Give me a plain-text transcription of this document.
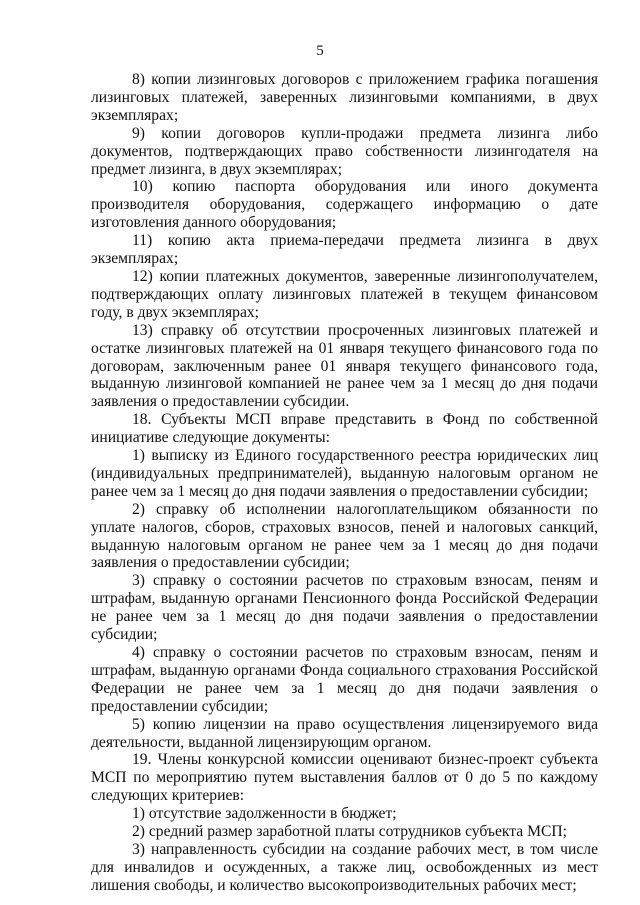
5

8) копии лизинговых договоров с приложением графика погашения лизинговых платежей, заверенных лизинговыми компаниями, в двух экземплярах;

9) копии договоров купли-продажи предмета лизинга либо документов, подтверждающих право собственности лизингодателя на предмет лизинга, в двух экземплярах;

10) копию паспорта оборудования или иного документа производителя оборудования, содержащего информацию о дате изготовления данного оборудования;

11) копию акта приема-передачи предмета лизинга в двух экземплярах;

12) копии платежных документов, заверенные лизингополучателем, подтверждающих оплату лизинговых платежей в текущем финансовом году, в двух экземплярах;

13) справку об отсутствии просроченных лизинговых платежей и остатке лизинговых платежей на 01 января текущего финансового года по договорам, заключенным ранее 01 января текущего финансового года, выданную лизинговой компанией не ранее чем за 1 месяц до дня подачи заявления о предоставлении субсидии.

18. Субъекты МСП вправе представить в Фонд по собственной инициативе следующие документы:

1) выписку из Единого государственного реестра юридических лиц (индивидуальных предпринимателей), выданную налоговым органом не ранее чем за 1 месяц до дня подачи заявления о предоставлении субсидии;

2) справку об исполнении налогоплательщиком обязанности по уплате налогов, сборов, страховых взносов, пеней и налоговых санкций, выданную налоговым органом не ранее чем за 1 месяц до дня подачи заявления о предоставлении субсидии;

3) справку о состоянии расчетов по страховым взносам, пеням и штрафам, выданную органами Пенсионного фонда Российской Федерации не ранее чем за 1 месяц до дня подачи заявления о предоставлении субсидии;

4) справку о состоянии расчетов по страховым взносам, пеням и штрафам, выданную органами Фонда социального страхования Российской Федерации не ранее чем за 1 месяц до дня подачи заявления о предоставлении субсидии;

5) копию лицензии на право осуществления лицензируемого вида деятельности, выданной лицензирующим органом.

19. Члены конкурсной комиссии оценивают бизнес-проект субъекта МСП по мероприятию путем выставления баллов от 0 до 5 по каждому следующих критериев:

1) отсутствие задолженности в бюджет;

2) средний размер заработной платы сотрудников субъекта МСП;

3) направленность субсидии на создание рабочих мест, в том числе для инвалидов и осужденных, а также лиц, освобожденных из мест лишения свободы, и количество высокопроизводительных рабочих мест;
